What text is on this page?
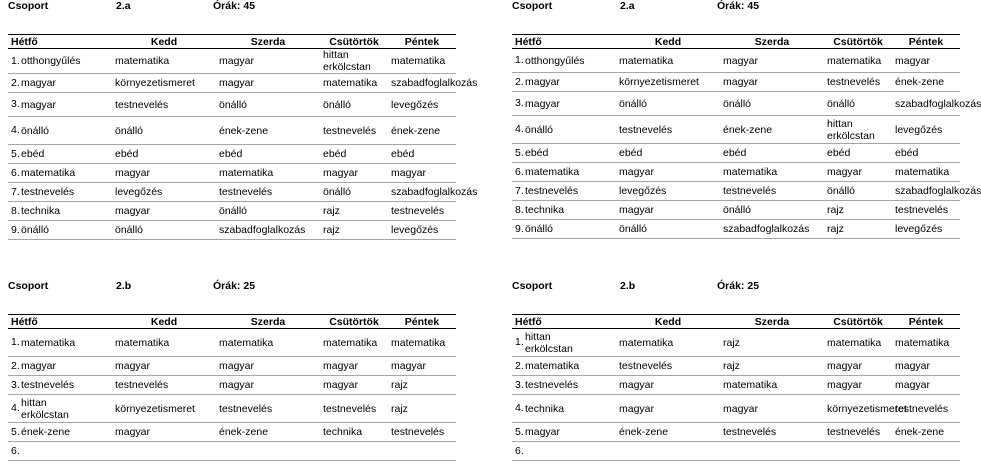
Csoport	2.a	Órák: 45
Hétfő	Kedd	Szerda	Csütörtök	Péntek
1.otthongyűlés	matematika	magyar	hittan erkölcstan	matematika
2.magyar	környezetismeret	magyar	matematika	szabadfoglalkozás
3.magyar	testnevelés	önálló	önálló	levegőzés
4.önálló	önálló	ének-zene	testnevelés	ének-zene
5.ebéd	ebéd	ebéd	ebéd	ebéd
6.matematika	magyar	matematika	magyar	magyar
7.testnevelés	levegőzés	testnevelés	önálló	szabadfoglalkozás
8.technika	magyar	önálló	rajz	testnevelés
9.önálló	önálló	szabadfoglalkozás	rajz	levegőzés
Csoport	2.a	Órák: 45
Hétfő	Kedd	Szerda	Csütörtök	Péntek
1.otthongyűlés	matematika	magyar	matematika	magyar
2.magyar	környezetismeret	magyar	testnevelés	ének-zene
3.magyar	önálló	önálló	önálló	szabadfoglalkozás
4.önálló	testnevelés	ének-zene	hittan erkölcstan	levegőzés
5.ebéd	ebéd	ebéd	ebéd	ebéd
6.matematika	magyar	matematika	magyar	matematika
7.testnevelés	levegőzés	testnevelés	önálló	szabadfoglalkozás
8.technika	magyar	önálló	rajz	testnevelés
9.önálló	önálló	szabadfoglalkozás	rajz	levegőzés
Csoport	2.b	Órák: 25
Hétfő	Kedd	Szerda	Csütörtök	Péntek
1.matematika	matematika	matematika	matematika	matematika
2.magyar	magyar	magyar	magyar	magyar
3.testnevelés	testnevelés	magyar	magyar	rajz
4.hittan erkölcstan	környezetismeret	testnevelés	testnevelés	rajz
5.ének-zene	magyar	ének-zene	technika	testnevelés
6.				
Csoport	2.b	Órák: 25
Hétfő	Kedd	Szerda	Csütörtök	Péntek
1.hittan erkölcstan	matematika	rajz	matematika	matematika
2.matematika	testnevelés	rajz	magyar	magyar
3.testnevelés	magyar	matematika	magyar	magyar
4.technika	magyar	magyar	környezetismeret	testnevelés
5.magyar	ének-zene	testnevelés	testnevelés	ének-zene
6.				
